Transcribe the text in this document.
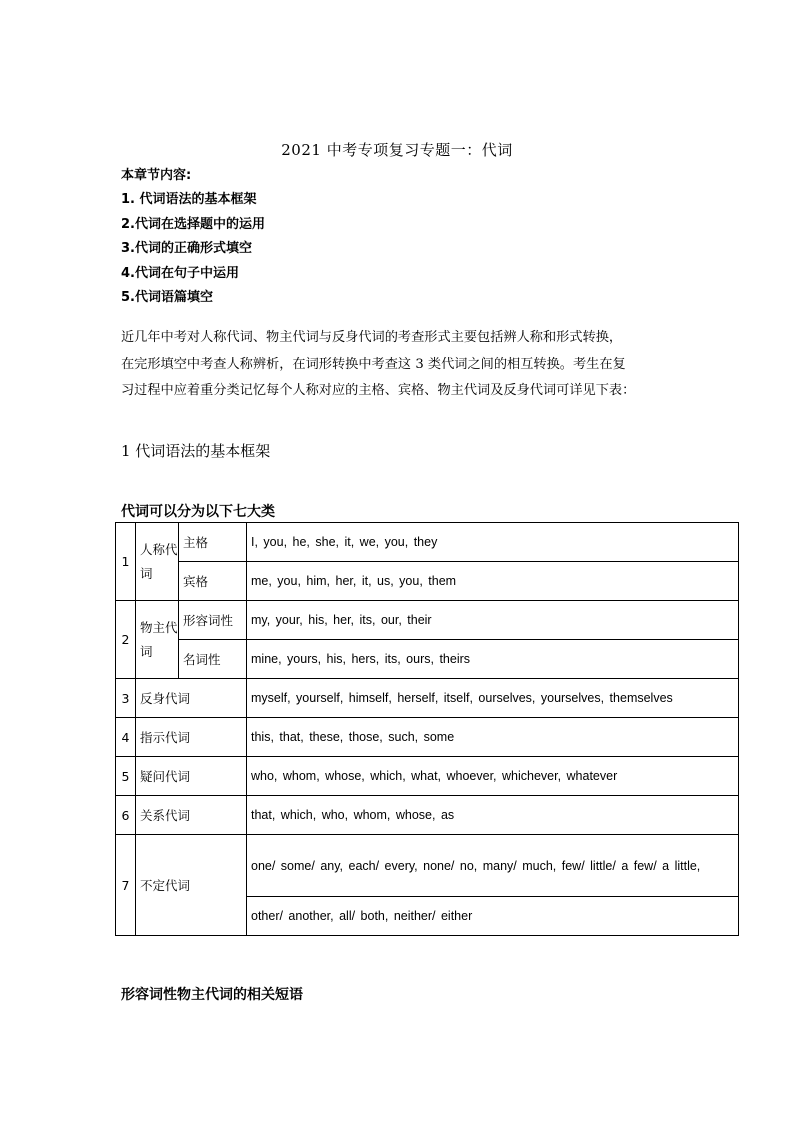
2021 中考专项复习专题一：代词
本章节内容:
1. 代词语法的基本框架
2.代词在选择题中的运用
3.代词的正确形式填空
4.代词在句子中运用
5.代词语篇填空
近几年中考对人称代词、物主代词与反身代词的考查形式主要包括辨人称和形式转换，
在完形填空中考查人称辨析，在词形转换中考查这 3 类代词之间的相互转换。考生在复
习过程中应着重分类记忆每个人称对应的主格、宾格、物主代词及反身代词可详见下表：
1 代词语法的基本框架
代词可以分为以下七大类
1	人称代词	主格	I, you, he, she, it, we, you, they
		宾格	me, you, him, her, it, us, you, them
2	物主代词	形容词性	my, your, his, her, its, our, their
		名词性	mine, yours, his, hers, its, ours, theirs
3	反身代词		myself, yourself, himself, herself, itself, ourselves, yourselves, themselves
4	指示代词		this, that, these, those, such, some
5	疑问代词		who, whom, whose, which, what, whoever, whichever, whatever
6	关系代词		that, which, who, whom, whose, as
7	不定代词		one/ some/ any, each/ every, none/ no, many/ much, few/ little/ a few/ a little,
			other/ another, all/ both, neither/ either
形容词性物主代词的相关短语
